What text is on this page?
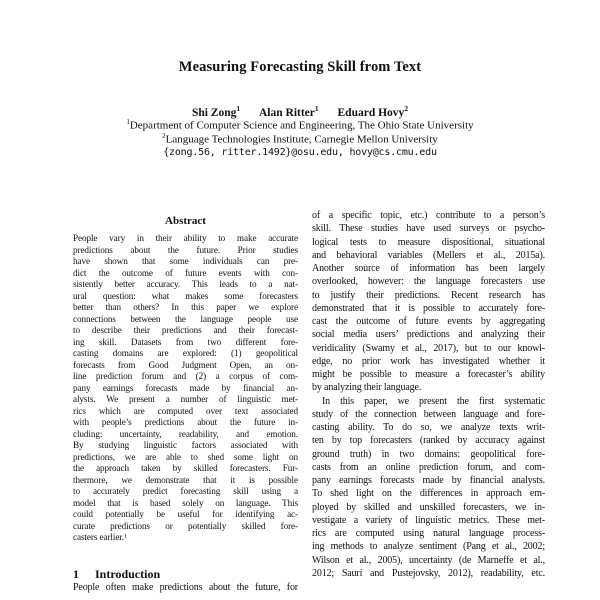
Measuring Forecasting Skill from Text
Shi Zong$^1$ Alan Ritter$^1$ Eduard Hovy$^2$
$^1$Department of Computer Science and Engineering, The Ohio State University
$^2$Language Technologies Institute, Carnegie Mellon University
{zong.56, ritter.1492}@osu.edu, hovy@cs.cmu.edu
Abstract
People vary in their ability to make accurate
predictions about the future. Prior studies
have shown that some individuals can pre-
dict the outcome of future events with con-
sistently better accuracy. This leads to a nat-
ural question: what makes some forecasters
better than others? In this paper we explore
connections between the language people use
to describe their predictions and their forecast-
ing skill. Datasets from two different fore-
casting domains are explored: (1) geopolitical
forecasts from Good Judgment Open, an on-
line prediction forum and (2) a corpus of com-
pany earnings forecasts made by financial an-
alysts. We present a number of linguistic met-
rics which are computed over text associated
with people’s predictions about the future in-
cluding: uncertainty, readability, and emotion.
By studying linguistic factors associated with
predictions, we are able to shed some light on
the approach taken by skilled forecasters. Fur-
thermore, we demonstrate that it is possible
to accurately predict forecasting skill using a
model that is based solely on language. This
could potentially be useful for identifying ac-
curate predictions or potentially skilled fore-
casters earlier.¹
1 Introduction
People often make predictions about the future, for
of a specific topic, etc.) contribute to a person’s
skill. These studies have used surveys or psycho-
logical tests to measure dispositional, situational
and behavioral variables (Mellers et al., 2015a).
Another source of information has been largely
overlooked, however: the language forecasters use
to justify their predictions. Recent research has
demonstrated that it is possible to accurately fore-
cast the outcome of future events by aggregating
social media users’ predictions and analyzing their
veridicality (Swamy et al., 2017), but to our knowl-
edge, no prior work has investigated whether it
might be possible to measure a forecaster’s ability
by analyzing their language.
In this paper, we present the first systematic
study of the connection between language and fore-
casting ability. To do so, we analyze texts writ-
ten by top forecasters (ranked by accuracy against
ground truth) in two domains: geopolitical fore-
casts from an online prediction forum, and com-
pany earnings forecasts made by financial analysts.
To shed light on the differences in approach em-
ployed by skilled and unskilled forecasters, we in-
vestigate a variety of linguistic metrics. These met-
rics are computed using natural language process-
ing methods to analyze sentiment (Pang et al., 2002;
Wilson et al., 2005), uncertainty (de Marneffe et al.,
2012; Saurí and Pustejovsky, 2012), readability, etc.
